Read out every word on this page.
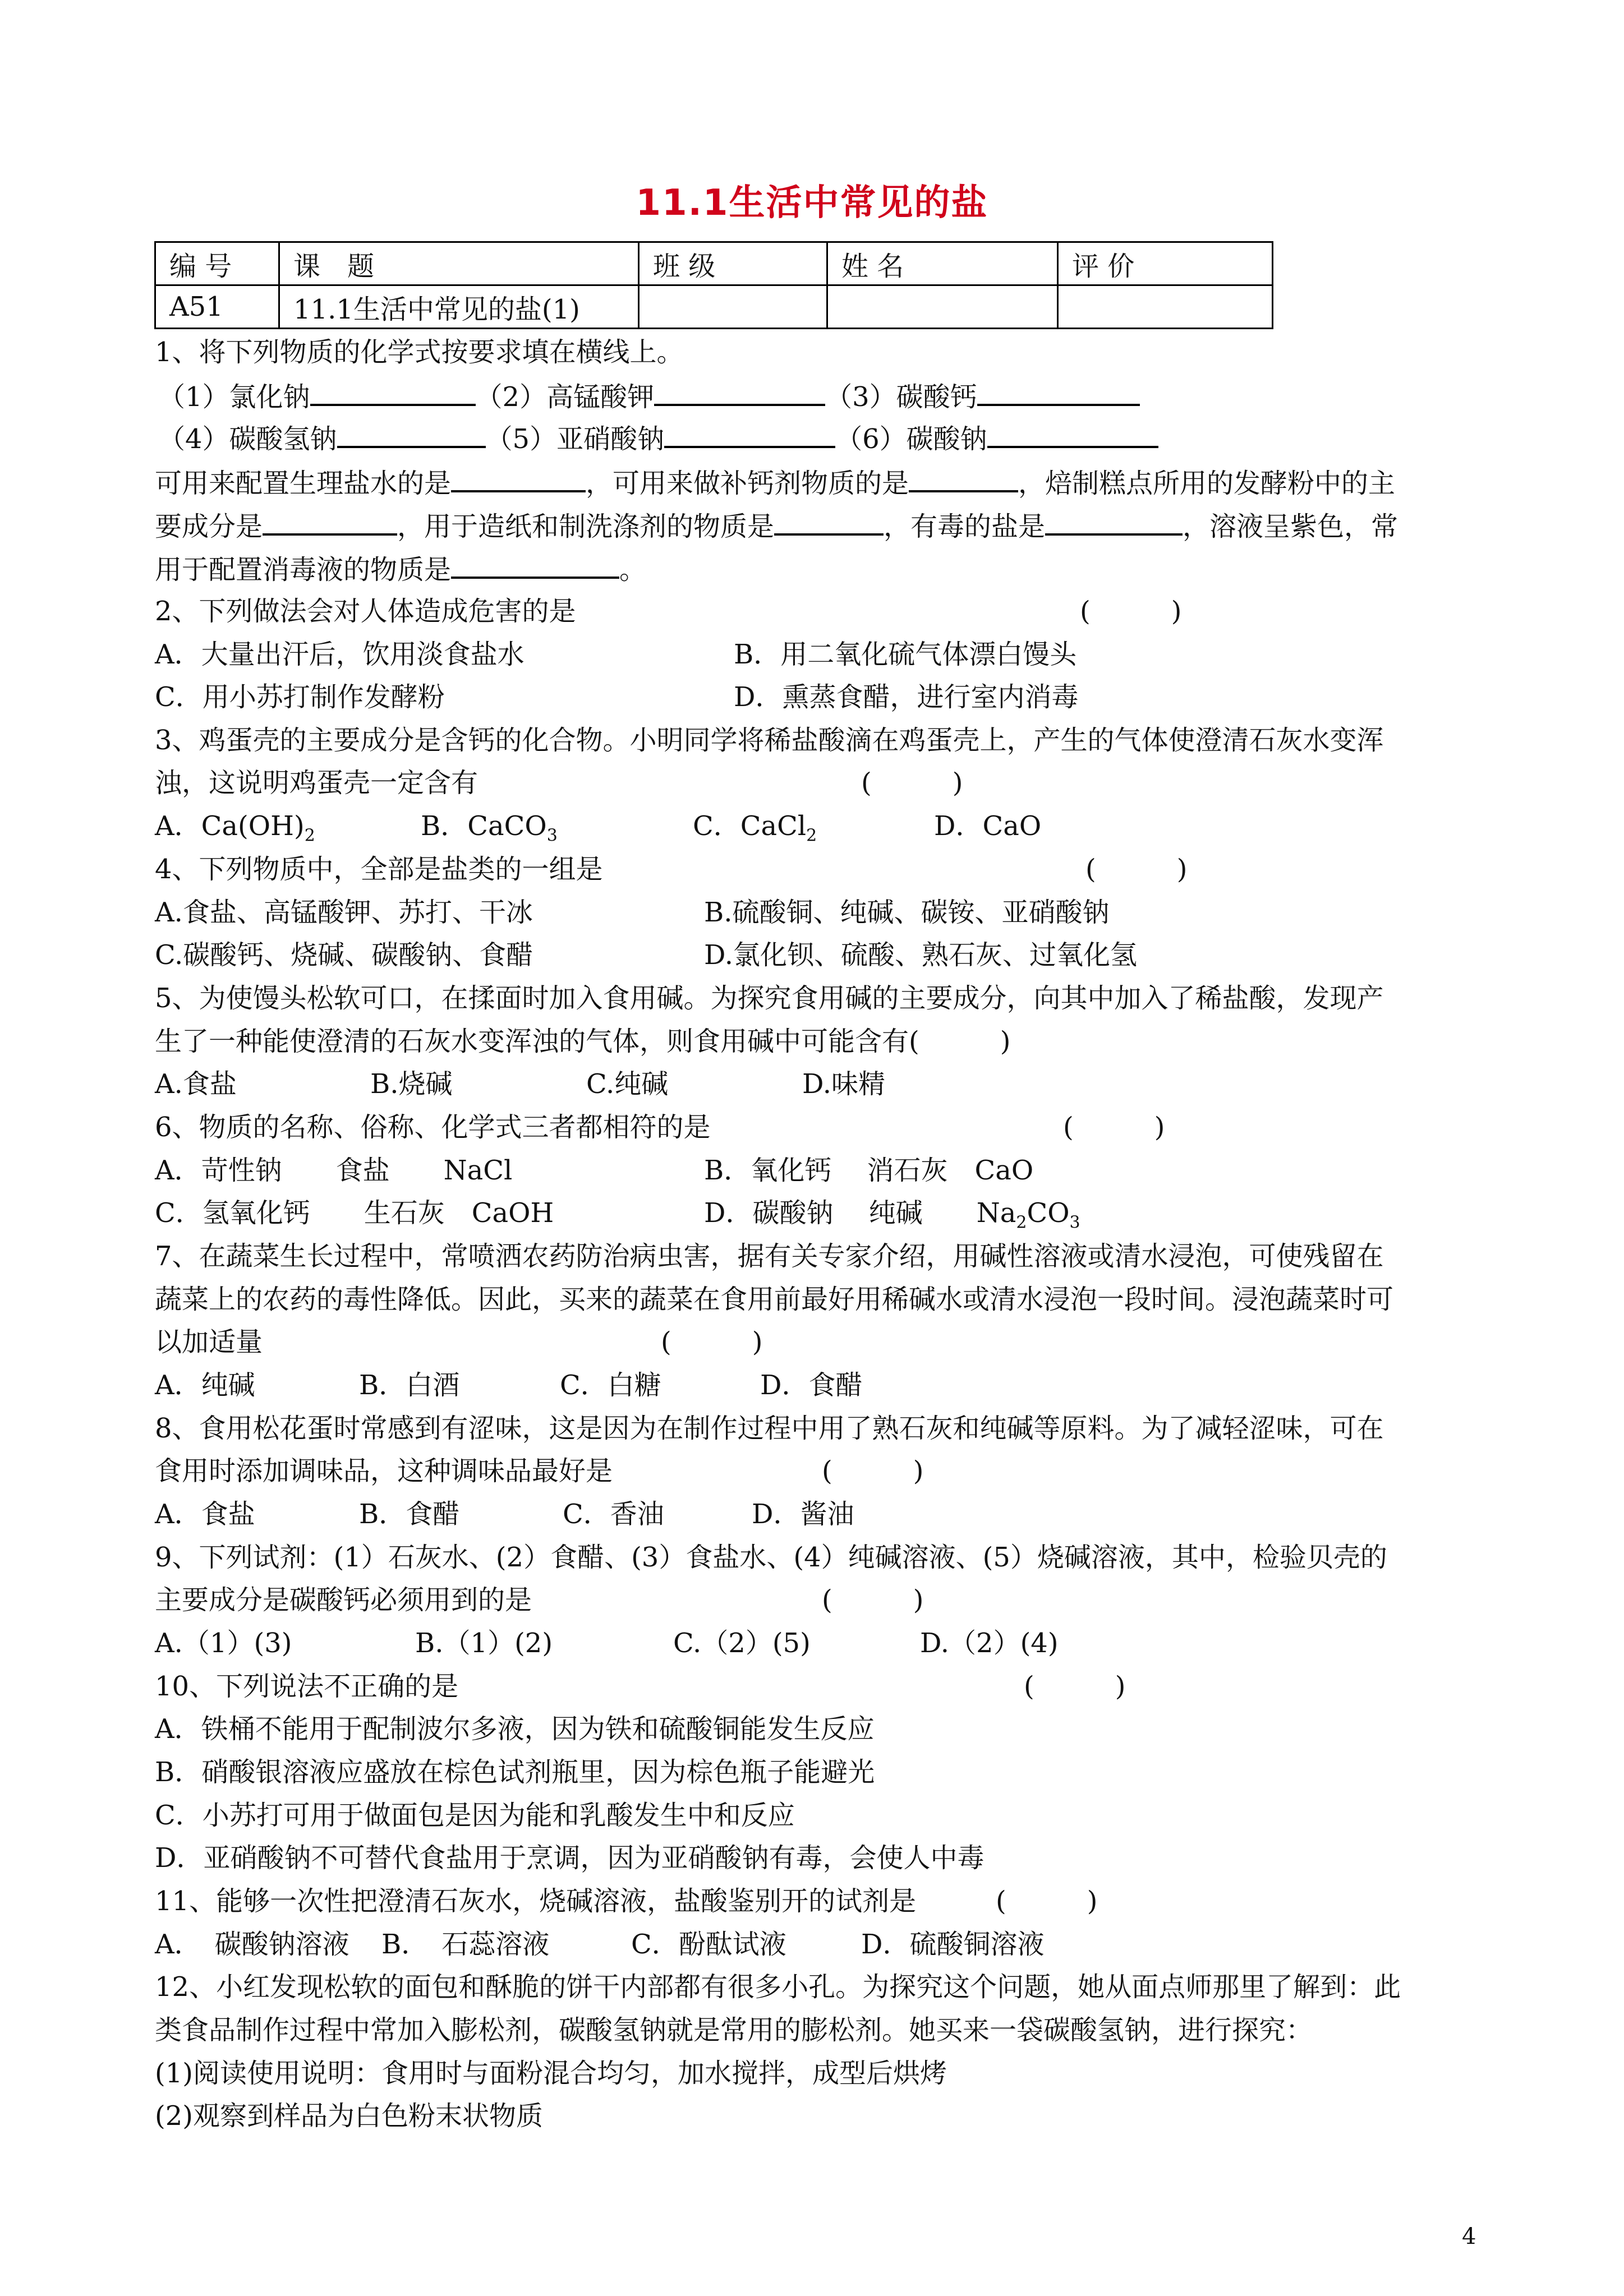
11.1生活中常见的盐
编 号	课　题	班 级	姓 名	评 价
A51	11.1生活中常见的盐(1)			
1、将下列物质的化学式按要求填在横线上。
（1）氯化钠	（2）高锰酸钾	（3）碳酸钙
（4）碳酸氢钠	（5）亚硝酸钠	（6）碳酸钠
可用来配置生理盐水的是	，可用来做补钙剂物质的是	，焙制糕点所用的发酵粉中的主
要成分是	，用于造纸和制洗涤剂的物质是	，有毒的盐是	，溶液呈紫色，常
用于配置消毒液的物质是	。
2、下列做法会对人体造成危害的是	(　　　)
A．大量出汗后，饮用淡食盐水	B．用二氧化硫气体漂白馒头
C．用小苏打制作发酵粉	D．熏蒸食醋，进行室内消毒
3、鸡蛋壳的主要成分是含钙的化合物。小明同学将稀盐酸滴在鸡蛋壳上，产生的气体使澄清石灰水变浑
浊，这说明鸡蛋壳一定含有	(　　　)
A．$Ca(OH)_2$	B．CaCO$_3$	C．CaCl$_2$	D．CaO
4、下列物质中，全部是盐类的一组是	(　　　)
A.食盐、高锰酸钾、苏打、干冰	B.硫酸铜、纯碱、碳铵、亚硝酸钠
C.碳酸钙、烧碱、碳酸钠、食醋	D.氯化钡、硫酸、熟石灰、过氧化氢
5、为使馒头松软可口，在揉面时加入食用碱。为探究食用碱的主要成分，向其中加入了稀盐酸，发现产
生了一种能使澄清的石灰水变浑浊的气体，则食用碱中可能含有(　　　)
A.食盐	B.烧碱	C.纯碱	D.味精
6、物质的名称、俗称、化学式三者都相符的是	(　　　)
A．苛性钠　　食盐　　NaCl	B．氧化钙　 消石灰　CaO
C．氢氧化钙　　生石灰　CaOH	D．碳酸钠　 纯碱　　$Na_2CO_3$
7、在蔬菜生长过程中，常喷洒农药防治病虫害，据有关专家介绍，用碱性溶液或清水浸泡，可使残留在
蔬菜上的农药的毒性降低。因此，买来的蔬菜在食用前最好用稀碱水或清水浸泡一段时间。浸泡蔬菜时可
以加适量	(　　　)
A．纯碱	B．白酒	C．白糖	D．食醋
8、食用松花蛋时常感到有涩味，这是因为在制作过程中用了熟石灰和纯碱等原料。为了减轻涩味，可在
食用时添加调味品，这种调味品最好是	(　　　)
A．食盐	B．食醋	C．香油	D．酱油
9、下列试剂：(1）石灰水、(2）食醋、(3）食盐水、(4）纯碱溶液、(5）烧碱溶液，其中，检验贝壳的
主要成分是碳酸钙必须用到的是	(　　　)
A.（1）(3)	B.（1）(2)	C.（2）(5)	D.（2）(4)
10、下列说法不正确的是	(　　　)
A．铁桶不能用于配制波尔多液，因为铁和硫酸铜能发生反应
B．硝酸银溶液应盛放在棕色试剂瓶里，因为棕色瓶子能避光
C．小苏打可用于做面包是因为能和乳酸发生中和反应
D．亚硝酸钠不可替代食盐用于烹调，因为亚硝酸钠有毒，会使人中毒
11、能够一次性把澄清石灰水，烧碱溶液，盐酸鉴别开的试剂是	(　　　)
A．　碳酸钠溶液 B．　石蕊溶液	C．酚酞试液	D．硫酸铜溶液
12、小红发现松软的面包和酥脆的饼干内部都有很多小孔。为探究这个问题，她从面点师那里了解到：此
类食品制作过程中常加入膨松剂，碳酸氢钠就是常用的膨松剂。她买来一袋碳酸氢钠，进行探究：
(1)阅读使用说明：食用时与面粉混合均匀，加水搅拌，成型后烘烤
(2)观察到样品为白色粉末状物质
4
